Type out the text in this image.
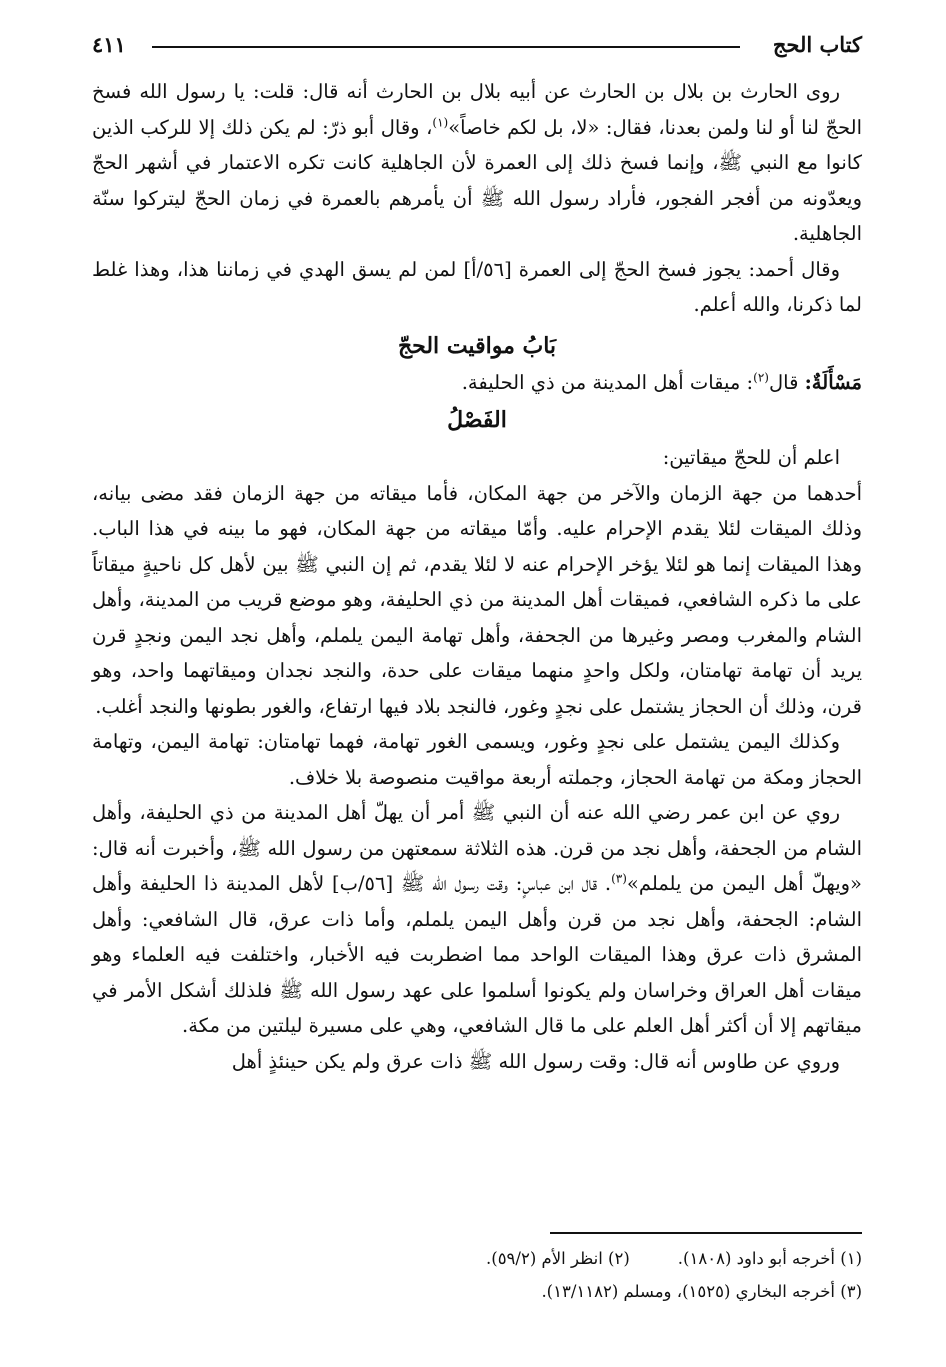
كتاب الحج
٤١١

روى الحارث بن بلال بن الحارث عن أبيه بلال بن الحارث أنه قال: قلت: يا رسول الله فسخ الحجّ لنا أو لنا ولمن بعدنا، فقال: «لا، بل لكم خاصاً»$^{(١)}$، وقال أبو ذرّ: لم يكن ذلك إلا للركب الذين كانوا مع النبي ﷺ، وإنما فسخ ذلك إلى العمرة لأن الجاهلية كانت تكره الاعتمار في أشهر الحجّ ويعدّونه من أفجر الفجور، فأراد رسول الله ﷺ أن يأمرهم بالعمرة في زمان الحجّ ليتركوا سنّة الجاهلية.

وقال أحمد: يجوز فسخ الحجّ إلى العمرة [٥٦/أ] لمن لم يسق الهدي في زماننا هذا، وهذا غلط لما ذكرنا، والله أعلم.

بَابُ مواقيت الحجّ

مَسْأَلَةٌ: قال$^{(٢)}$: ميقات أهل المدينة من ذي الحليفة.

الفَصْلُ

اعلم أن للحجّ ميقاتين:

أحدهما من جهة الزمان والآخر من جهة المكان، فأما ميقاته من جهة الزمان فقد مضى بيانه، وذلك الميقات لئلا يقدم الإحرام عليه. وأمّا ميقاته من جهة المكان، فهو ما بينه في هذا الباب. وهذا الميقات إنما هو لئلا يؤخر الإحرام عنه لا لئلا يقدم، ثم إن النبي ﷺ بين لأهل كل ناحيةٍ ميقاتاً على ما ذكره الشافعي، فميقات أهل المدينة من ذي الحليفة، وهو موضع قريب من المدينة، وأهل الشام والمغرب ومصر وغيرها من الجحفة، وأهل تهامة اليمن يلملم، وأهل نجد اليمن ونجدٍ قرن يريد أن تهامة تهامتان، ولكل واحدٍ منهما ميقات على حدة، والنجد نجدان وميقاتهما واحد، وهو قرن، وذلك أن الحجاز يشتمل على نجدٍ وغور، فالنجد بلاد فيها ارتفاع، والغور بطونها والنجد أغلب.

وكذلك اليمن يشتمل على نجدٍ وغور، ويسمى الغور تهامة، فهما تهامتان: تهامة اليمن، وتهامة الحجاز ومكة من تهامة الحجاز، وجملته أربعة مواقيت منصوصة بلا خلاف.

روي عن ابن عمر رضي الله عنه أن النبي ﷺ أمر أن يهلّ أهل المدينة من ذي الحليفة، وأهل الشام من الجحفة، وأهل نجد من قرن. هذه الثلاثة سمعتهن من رسول الله ﷺ، وأخبرت أنه قال: «ويهلّ أهل اليمن من يلملم»$^{(٣)}$. قال ابن عباسٍ: وقت رسول الله ﷺ [٥٦/ب] لأهل المدينة ذا الحليفة وأهل الشام: الجحفة، وأهل نجد من قرن وأهل اليمن يلملم، وأما ذات عرق، قال الشافعي: وأهل المشرق ذات عرق وهذا الميقات الواحد مما اضطربت فيه الأخبار، واختلفت فيه العلماء وهو ميقات أهل العراق وخراسان ولم يكونوا أسلموا على عهد رسول الله ﷺ فلذلك أشكل الأمر في ميقاتهم إلا أن أكثر أهل العلم على ما قال الشافعي، وهي على مسيرة ليلتين من مكة.

وروي عن طاوس أنه قال: وقت رسول الله ﷺ ذات عرق ولم يكن حينئذٍ أهل

(١) أخرجه أبو داود (١٨٠٨).(٢) انظر الأم (٥٩/٢).
(٣) أخرجه البخاري (١٥٢٥)، ومسلم (١٣/١١٨٢).
